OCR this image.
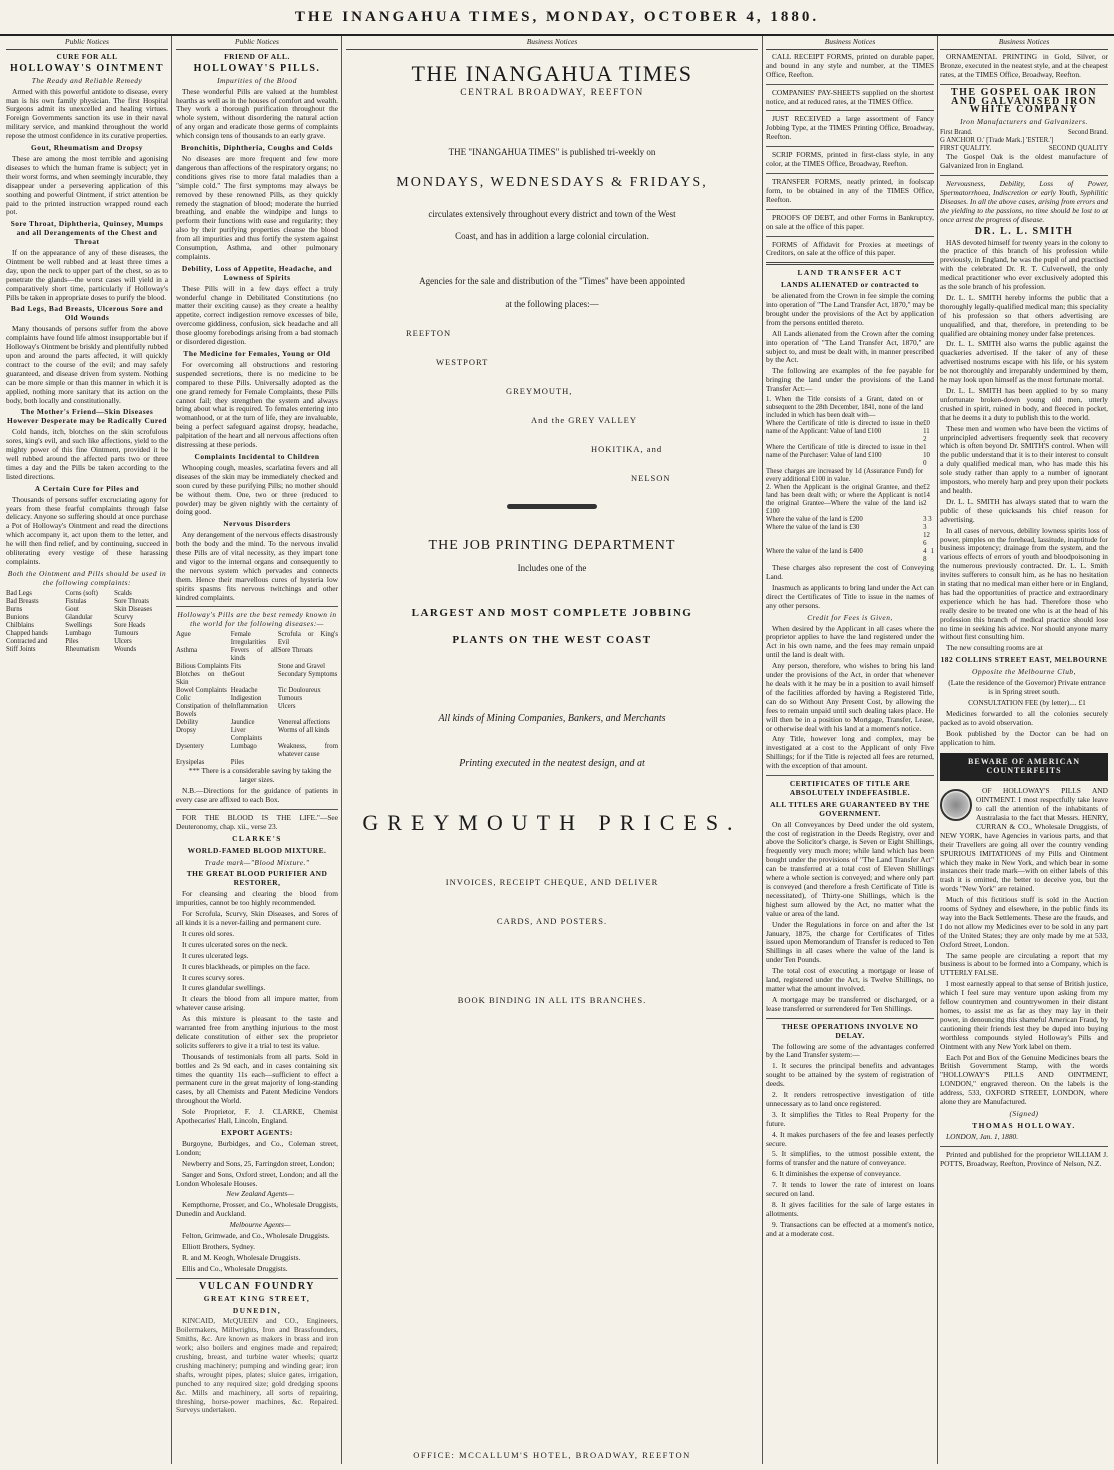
THE INANGAHUA TIMES, MONDAY, OCTOBER 4, 1880.
Public Notices
CURE FOR ALL
HOLLOWAY'S OINTMENT
The Ready and Reliable Remedy

Armed with this powerful antidote to disease, every man is his own family physician. The first Hospital Surgeons admit its unexcelled and healing virtues. Foreign Governments sanction its use in their naval military service, and mankind throughout the world repose the utmost confidence in its curative properties.

Gout, Rheumatism and Dropsy

These are among the most terrible and agonising diseases to which the human frame is subject; yet in their worst forms, and when seemingly incurable, they disappear under a persevering application of this soothing and powerful Ointment, if strict attention be paid to the printed instruction wrapped round each pot.

Sore Throat, Diphtheria, Quinsey, Mumps and all Derangements of the Chest and Throat

If on the appearance of any of these diseases, the Ointment be well rubbed and at least three times a day, upon the neck to upper part of the chest, so as to penetrate the glands—the worst cases will yield in a comparatively short time, particularly if Holloway's Pills be taken in appropriate doses to purify the blood.

Bad Legs, Bad Breasts, Ulcerous Sore and Old Wounds

Many thousands of persons suffer from the above complaints have found life almost insupportable but if Holloway's Ointment be briskly and plentifully rubbed upon and around the parts affected, it will quickly contract to the course of the evil; and may safely guaranteed, and disease driven from system. Nothing can be more simple or than this manner in which it is applied, nothing more sanitary that its action on the body, both locally and constitutionally.

The Mother's Friend—Skin Diseases However Desperate may be Radically Cured

Cold hands, itch, blotches on the skin scrofulous sores, king's evil, and such like affections, yield to the mighty power of this fine Ointment, provided it be well rubbed around the affected parts two or three times a day and the Pills be taken according to the listed directions.

A Certain Cure for Piles and

Thousands of persons suffer excruciating agony for years from these fearful complaints through false delicacy. Anyone so suffering should at once purchase a Pot of Holloway's Ointment and read the directions which accompany it, act upon them to the letter, and he will then find relief, and by continuing, succeed in obliterating every vestige of these harassing complaints.

Both the Ointment and Pills should be used in the following complaints:
Bad Legs	Corns (soft)	Scalds
Bad Breasts	Fistulas	Sore Throats
Burns	Gout	Skin Diseases
Bunions	Glandular	Scurvy
Chilblains	Swellings	Sore Heads
Chapped hands	Lumbago	Tumours
Contracted and	Piles	Ulcers
Stiff Joints	Rheumatism	Wounds
Public Notices
FRIEND OF ALL.
HOLLOWAY'S PILLS.
Impurities of the Blood

These wonderful Pills are valued at the humblest hearths as well as in the houses of comfort and wealth. They work a thorough purification throughout the whole system, without disordering the natural action of any organ and eradicate those germs of complaints which consign tens of thousands to an early grave.

Bronchitis, Diphtheria, Coughs and Colds

No diseases are more frequent and few more dangerous than affections of the respiratory organs; no conditions gives rise to more fatal maladies than a "simple cold." The first symptoms may always be removed by these renowned Pills, as they quickly remedy the stagnation of blood; moderate the hurried breathing, and enable the windpipe and lungs to perform their functions with ease and regularity; they also by their purifying properties cleanse the blood from all impurities and thus fortify the system against Consumption, Asthma, and other pulmonary complaints.

Debility, Loss of Appetite, Headache, and Lowness of Spirits

These Pills will in a few days effect a truly wonderful change in Debilitated Constitutions (no matter their exciting cause) as they create a healthy appetite, correct indigestion remove excesses of bile, overcome giddiness, confusion, sick headache and all those gloomy forebodings arising from a bad stomach or disordered digestion.

The Medicine for Females, Young or Old

For overcoming all obstructions and restoring suspended secretions, there is no medicine to be compared to these Pills. Universally adopted as the one grand remedy for Female Complaints, these Pills cannot fail; they strengthen the system and always bring about what is required. To females entering into womanhood, or at the turn of life, they are invaluable, being a perfect safeguard against dropsy, headache, palpitation of the heart and all nervous affections often distressing at these periods.

Complaints Incidental to Children

Whooping cough, measles, scarlatina fevers and all diseases of the skin may be immediately checked and soon cured by these purifying Pills; no mother should be without them. One, two or three (reduced to powder) may be given nightly with the certainty of doing good.

Nervous Disorders

Any derangement of the nervous effects disastrously both the body and the mind. To the nervous invalid these Pills are of vital necessity, as they impart tone and vigor to the internal organs and consequently to the nervous system which pervades and connects them. Hence their marvellous cures of hysteria low spirits spasms fits nervous twitchings and other kindred complaints.

Holloway's Pills are the best remedy known in the world for the following diseases:—
Ague	Female Irregularities	Scrofula or King's Evil
Asthma	Fevers of all kinds	Sore Throats
Bilious Complaints	Fits	Stone and Gravel
Blotches on the Skin	Gout	Secondary Symptoms
Bowel Complaints	Headache	Tic Douloureux
Colic	Indigestion	Tumours
Constipation of the Bowels	Inflammation	Ulcers
Debility	Jaundice	Venereal affections
Dropsy	Liver Complaints	Worms of all kinds
Dysentery	Lumbago	Weakness, from whatever cause
Erysipelas	Piles	

*** There is a considerable saving by taking the larger sizes.

N.B.—Directions for the guidance of patients in every case are affixed to each Box.

FOR THE BLOOD IS THE LIFE."—See Deuteronomy, chap. xii., verse 23.

CLARKE'S
WORLD-FAMED BLOOD MIXTURE.
Trade mark—"Blood Mixture."
THE GREAT BLOOD PURIFIER AND RESTORER,

For cleansing and clearing the blood from impurities, cannot be too highly recommended.

For Scrofula, Scurvy, Skin Diseases, and Sores of all kinds it is a never-failing and permanent cure.

It cures old sores.

It cures ulcerated sores on the neck.

It cures ulcerated legs.

It cures blackheads, or pimples on the face.

It cures scurvy sores.

It cures glandular swellings.

It clears the blood from all impure matter, from whatever cause arising.

As this mixture is pleasant to the taste and warranted free from anything injurious to the most delicate constitution of either sex the proprietor solicits sufferers to give it a trial to test its value.

Thousands of testimonials from all parts. Sold in bottles and 2s 9d each, and in cases containing six times the quantity 11s each—sufficient to effect a permanent cure in the great majority of long-standing cases, by all Chemists and Patent Medicine Vendors throughout the World.

Sole Proprietor, F. J. CLARKE, Chemist Apothecaries' Hall, Lincoln, England.

EXPORT AGENTS:

Burgoyne, Burbidges, and Co., Coleman street, London;

Newberry and Sons, 25, Farringdon street, London;

Sanger and Sons, Oxford street, London; and all the London Wholesale Houses.

New Zealand Agents—

Kempthorne, Prosser, and Co., Wholesale Druggists, Dunedin and Auckland.

Melbourne Agents—

Felton, Grimwade, and Co., Wholesale Druggists.

Elliott Brothers, Sydney.

R. and M. Keogh, Wholesale Druggists.

Ellis and Co., Wholesale Druggists.

VULCAN FOUNDRY
GREAT KING STREET,
DUNEDIN,

KINCAID, McQUEEN and CO., Engineers, Boilermakers, Millwrights, Iron and Brassfounders, Smiths, &c. Are known as makers in brass and iron work; also boilers and engines made and repaired; crushing, breast, and turbine water wheels; quartz crushing machinery; pumping and winding gear; iron shafts, wrought pipes, plates; sluice gates, irrigation, punched to any required size; gold dredging spoons &c. Mills and machinery, all sorts of repairing, threshing, horse-power machines, &c. Repaired. Surveys undertaken.

Business Notices
THE INANGAHUA TIMES
CENTRAL BROADWAY, REEFTON
THE "INANGAHUA TIMES" is published tri-weekly on
MONDAYS, WEDNESDAYS & FRIDAYS,
circulates extensively throughout every district and town of the West
Coast, and has in addition a large colonial circulation.
Agencies for the sale and distribution of the "Times" have been appointed
at the following places:—
REEFTON
WESTPORT
GREYMOUTH,
And the GREY VALLEY
HOKITIKA, and
NELSON
THE JOB PRINTING DEPARTMENT
Includes one of the
LARGEST AND MOST COMPLETE JOBBING
PLANTS ON THE WEST COAST
All kinds of Mining Companies, Bankers, and Merchants
Printing executed in the neatest design, and at
GREYMOUTH PRICES.
INVOICES, RECEIPT CHEQUE, AND DELIVER
CARDS, AND POSTERS.
BOOK BINDING IN ALL ITS BRANCHES.
OFFICE: MCCALLUM'S HOTEL, BROADWAY, REEFTON
Business Notices

CALL RECEIPT FORMS, printed on durable paper, and bound in any style and number, at the TIMES Office, Reefton.

COMPANIES' PAY-SHEETS supplied on the shortest notice, and at reduced rates, at the TIMES Office.

JUST RECEIVED a large assortment of Fancy Jobbing Type, at the TIMES Printing Office, Broadway, Reefton.

SCRIP FORMS, printed in first-class style, in any color, at the TIMES Office, Broadway, Reefton.

TRANSFER FORMS, neatly printed, in foolscap form, to be obtained in any of the TIMES Office, Reefton.

PROOFS OF DEBT, and other Forms in Bankruptcy, on sale at the office of this paper.

FORMS of Affidavit for Proxies at meetings of Creditors, on sale at the office of this paper.

LAND TRANSFER ACT
LANDS ALIENATED or contracted to

be alienated from the Crown in fee simple the coming into operation of "The Land Transfer Act, 1870," may be brought under the provisions of the Act by application from the persons entitled thereto.

All Lands alienated from the Crown after the coming into operation of "The Land Transfer Act, 1870," are subject to, and must be dealt with, in manner prescribed by the Act.

The following are examples of the fee payable for bringing the land under the provisions of the Land Transfer Act:—

1. When the Title consists of a Grant, dated on or subsequent to the 28th December, 1841, none of the land included in which has been dealt with—	
Where the Certificate of title is directed to issue in the name of the Applicant: Value of land £100	£0 11 2
Where the Certificate of title is directed to issue in the name of the Purchaser: Value of land £100	1 10 0
These charges are increased by 1d (Assurance Fund) for every additional £100 in value.	
2. When the Applicant is the original Grantee, and the land has been dealt with; or where the Applicant is not the original Grantee—Where the value of the land is £100	£2 14 2
Where the value of the land is £200	3 3
Where the value of the land is £30	3 12 6
Where the value of the land is £400	4 1 8

These charges also represent the cost of Conveying Land.

Inasmuch as applicants to bring land under the Act can direct the Certificates of Title to issue in the names of any other persons.

Credit for Fees is Given,

When desired by the Applicant in all cases where the proprietor applies to have the land registered under the Act in his own name, and the fees may remain unpaid until the land is dealt with.

Any person, therefore, who wishes to bring his land under the provisions of the Act, in order that whenever he deals with it he may be in a position to avail himself of the facilities afforded by having a Registered Title, can do so Without Any Present Cost, by allowing the fees to remain unpaid until such dealing takes place. He will then be in a position to Mortgage, Transfer, Lease, or otherwise deal with his land at a moment's notice.

Any Title, however long and complex, may be investigated at a cost to the Applicant of only Five Shillings; for if the Title is rejected all fees are returned, with the exception of that amount.

CERTIFICATES OF TITLE ARE ABSOLUTELY INDEFEASIBLE.
ALL TITLES ARE GUARANTEED BY THE GOVERNMENT.

On all Conveyances by Deed under the old system, the cost of registration in the Deeds Registry, over and above the Solicitor's charge, is Seven or Eight Shillings, frequently very much more; while land which has been bought under the provisions of "The Land Transfer Act" can be transferred at a total cost of Eleven Shillings where a whole section is conveyed; and where only part is conveyed (and therefore a fresh Certificate of Title is necessitated), of Thirty-one Shillings, which is the highest sum allowed by the Act, no matter what the value or area of the land.

Under the Regulations in force on and after the 1st January, 1875, the charge for Certificates of Titles issued upon Memorandum of Transfer is reduced to Ten Shillings in all cases where the value of the land is under Ten Pounds.

The total cost of executing a mortgage or lease of land, registered under the Act, is Twelve Shillings, no matter what the amount involved.

A mortgage may be transferred or discharged, or a lease transferred or surrendered for Ten Shillings.

THESE OPERATIONS INVOLVE NO DELAY.

The following are some of the advantages conferred by the Land Transfer system:—

1. It secures the principal benefits and advantages sought to be attained by the system of registration of deeds.

2. It renders retrospective investigation of title unnecessary as to land once registered.

3. It simplifies the Titles to Real Property for the future.

4. It makes purchasers of the fee and leases perfectly secure.

5. It simplifies, to the utmost possible extent, the forms of transfer and the nature of conveyance.

6. It diminishes the expense of conveyance.

7. It tends to lower the rate of interest on loans secured on land.

8. It gives facilities for the sale of large estates in allotments.

9. Transactions can be effected at a moment's notice, and at a moderate cost.

Business Notices

ORNAMENTAL PRINTING in Gold, Silver, or Bronze, executed in the neatest style, and at the cheapest rates, at the TIMES Office, Broadway, Reefton.

THE GOSPEL OAK IRON AND GALVANISED IRON WHITE COMPANY
Iron Manufacturers and Galvanizers.
First Brand.	Second Brand.
G ANCHOR O.' [Trade Mark.] 'ESTER.']	
FIRST QUALITY.	SECOND QUALITY

The Gospel Oak is the oldest manufacture of Galvanized Iron in England.

Nervousness, Debility, Loss of Power, Spermatorrhoea, Indiscretion or early Youth, Syphilitic Diseases. In all the above cases, arising from errors and the yielding to the passions, no time should be lost to at once arrest the progress of disease.

DR. L. L. SMITH

HAS devoted himself for twenty years in the colony to the practice of this branch of his profession while previously, in England, he was the pupil of and practised with the celebrated Dr. R. T. Culverwell, the only medical practitioner who ever exclusively adopted this as the sole branch of his profession.

Dr. L. L. SMITH hereby informs the public that a thoroughly legally-qualified medical man; this speciality of his profession so that others advertising are unqualified, and that, therefore, in pretending to be qualified are obtaining money under false pretences.

Dr. L. L. SMITH also warns the public against the quackeries advertised. If the taker of any of these advertised nostrums escape with his life, or his system be not thoroughly and irreparably undermined by them, he may look upon himself as the most fortunate mortal.

Dr. L. L. SMITH has been applied to by so many unfortunate broken-down young old men, utterly crushed in spirit, ruined in body, and fleeced in pocket, that he deems it a duty to publish this to the world.

These men and women who have been the victims of unprincipled advertisers frequently seek that recovery which is often beyond Dr. SMITH'S control. When will the public understand that it is to their interest to consult a duly qualified medical man, who has made this his sole study rather than apply to a number of ignorant impostors, who merely harp and prey upon their pockets and health.

Dr. L. L. SMITH has always stated that to warn the public of these quicksands his chief reason for advertising.

In all cases of nervous, debility lowness spirits loss of power, pimples on the forehead, lassitude, inaptitude for business impotency; drainage from the system, and the various effects of errors of youth and bloodpoisoning in the numerous previously contracted. Dr. L. L. Smith invites sufferers to consult him, as he has no hesitation in stating that no medical man either here or in England, has had the opportunities of practice and extraordinary experience which he has had. Therefore those who really desire to be treated one who is at the head of his profession this branch of medical practice should lose no time in seeking his advice. Nor should anyone marry without first consulting him.

The new consulting rooms are at

182 COLLINS STREET EAST, MELBOURNE
Opposite the Melbourne Club,

(Late the residence of the Governor) Private entrance is in Spring street south.

CONSULTATION FEE (by letter).... £1

Medicines forwarded to all the colonies securely packed as to avoid observation.

Book published by the Doctor can be had on application to him.

BEWARE OF AMERICAN COUNTERFEITS

OF HOLLOWAY'S PILLS AND OINTMENT. I most respectfully take leave to call the attention of the inhabitants of Australasia to the fact that Messrs. HENRY, CURRAN & CO., Wholesale Druggists, of NEW YORK, have Agencies in various parts, and that their Travellers are going all over the country vending SPURIOUS IMITATIONS of my Pills and Ointment which they make in New York, and which bear in some instances their trade mark—with on either labels of this trash it is omitted, the better to deceive you, but the words "New York" are retained.

Much of this fictitious stuff is sold in the Auction rooms of Sydney and elsewhere, in the public finds its way into the Back Settlements. These are the frauds, and I do not allow my Medicines ever to be sold in any part of the United States; they are only made by me at 533, Oxford Street, London.

The same people are circulating a report that my business is about to be formed into a Company, which is UTTERLY FALSE.

I most earnestly appeal to that sense of British justice, which I feel sure may venture upon asking from my fellow countrymen and countrywomen in their distant homes, to assist me as far as they may lay in their power, in denouncing this shameful American Fraud, by cautioning their friends lest they be duped into buying worthless compounds styled Holloway's Pills and Ointment with any New York label on them.

Each Pot and Box of the Genuine Medicines bears the British Government Stamp, with the words "HOLLOWAY'S PILLS AND OINTMENT, LONDON," engraved thereon. On the labels is the address, 533, OXFORD STREET, LONDON, where alone they are Manufactured.

(Signed)
THOMAS HOLLOWAY.

LONDON, Jan. 1, 1880.

Printed and published for the proprietor WILLIAM J. POTTS, Broadway, Reefton, Province of Nelson, N.Z.
